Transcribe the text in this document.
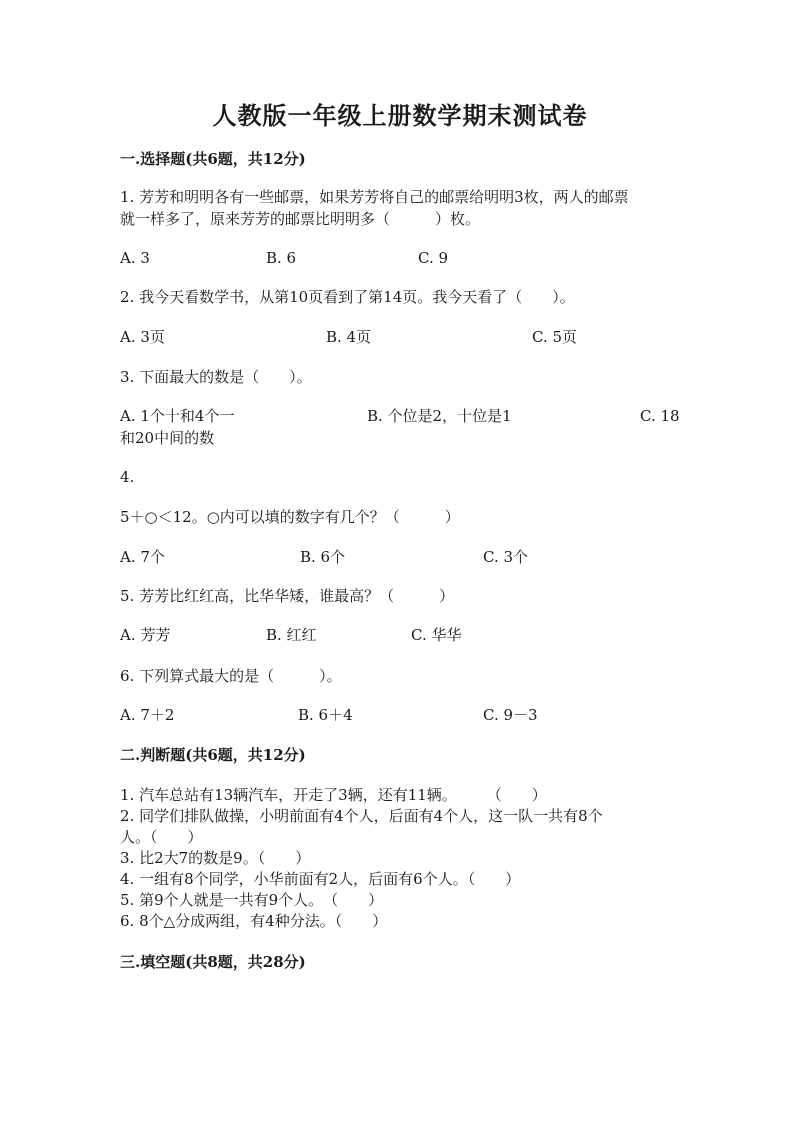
人教版一年级上册数学期末测试卷
一.选择题(共6题，共12分)
1. 芳芳和明明各有一些邮票，如果芳芳将自己的邮票给明明3枚，两人的邮票
就一样多了，原来芳芳的邮票比明明多（　　　）枚。
A. 3	B. 6	C. 9
2. 我今天看数学书，从第10页看到了第14页。我今天看了（　　）。
A. 3页	B. 4页	C. 5页
3. 下面最大的数是（　　）。
A. 1个十和4个一	B. 个位是2，十位是1	C. 18
和20中间的数
4.
5＋○＜12。○内可以填的数字有几个？（　　　）
A. 7个	B. 6个	C. 3个
5. 芳芳比红红高，比华华矮，谁最高？（　　　）
A. 芳芳	B. 红红	C. 华华
6. 下列算式最大的是（　　　）。
A. 7＋2	B. 6＋4	C. 9－3
二.判断题(共6题，共12分)
1. 汽车总站有13辆汽车，开走了3辆，还有11辆。　　　（　　）
2. 同学们排队做操，小明前面有4个人，后面有4个人，这一队一共有8个
人。（　　）
3. 比2大7的数是9。（　　）
4. 一组有8个同学，小华前面有2人，后面有6个人。（　　）
5. 第9个人就是一共有9个人。　（　　）
6. 8个△分成两组，有4种分法。（　　）
三.填空题(共8题，共28分)
